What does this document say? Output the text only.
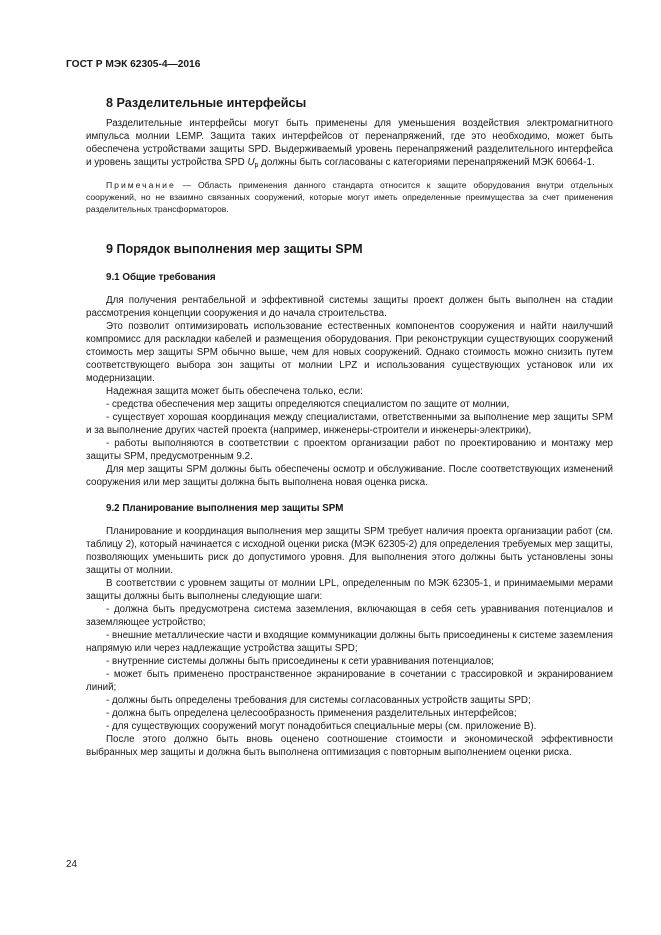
ГОСТ Р МЭК 62305-4—2016
8 Разделительные интерфейсы

Разделительные интерфейсы могут быть применены для уменьшения воздействия электромагнитного импульса молнии LEMP. Защита таких интерфейсов от перенапряжений, где это необходимо, может быть обеспечена устройствами защиты SPD. Выдерживаемый уровень перенапряжений разделительного интерфейса и уровень защиты устройства SPD $U_p$ должны быть согласованы с категориями перенапряжений МЭК 60664-1.

Примечание — Область применения данного стандарта относится к защите оборудования внутри отдельных сооружений, но не взаимно связанных сооружений, которые могут иметь определенные преимущества за счет применения разделительных трансформаторов.

9 Порядок выполнения мер защиты SPM
9.1 Общие требования

Для получения рентабельной и эффективной системы защиты проект должен быть выполнен на стадии рассмотрения концепции сооружения и до начала строительства.

Это позволит оптимизировать использование естественных компонентов сооружения и найти наилучший компромисс для раскладки кабелей и размещения оборудования. При реконструкции существующих сооружений стоимость мер защиты SPM обычно выше, чем для новых сооружений. Однако стоимость можно снизить путем соответствующего выбора зон защиты от молнии LPZ и использования существующих установок или их модернизации.

Надежная защита может быть обеспечена только, если:

- средства обеспечения мер защиты определяются специалистом по защите от молнии,

- существует хорошая координация между специалистами, ответственными за выполнение мер защиты SPM и за выполнение других частей проекта (например, инженеры-строители и инженеры-электрики),

- работы выполняются в соответствии с проектом организации работ по проектированию и монтажу мер защиты SPM, предусмотренным 9.2.

Для мер защиты SPM должны быть обеспечены осмотр и обслуживание. После соответствующих изменений сооружения или мер защиты должна быть выполнена новая оценка риска.

9.2 Планирование выполнения мер защиты SPM

Планирование и координация выполнения мер защиты SPM требует наличия проекта организации работ (см. таблицу 2), который начинается с исходной оценки риска (МЭК 62305-2) для определения требуемых мер защиты, позволяющих уменьшить риск до допустимого уровня. Для выполнения этого должны быть установлены зоны защиты от молнии.

В соответствии с уровнем защиты от молнии LPL, определенным по МЭК 62305-1, и принимаемыми мерами защиты должны быть выполнены следующие шаги:

- должна быть предусмотрена система заземления, включающая в себя сеть уравнивания потенциалов и заземляющее устройство;

- внешние металлические части и входящие коммуникации должны быть присоединены к системе заземления напрямую или через надлежащие устройства защиты SPD;

- внутренние системы должны быть присоединены к сети уравнивания потенциалов;

- может быть применено пространственное экранирование в сочетании с трассировкой и экранированием линий;

- должны быть определены требования для системы согласованных устройств защиты SPD;

- должна быть определена целесообразность применения разделительных интерфейсов;

- для существующих сооружений могут понадобиться специальные меры (см. приложение В).

После этого должно быть вновь оценено соотношение стоимости и экономической эффективности выбранных мер защиты и должна быть выполнена оптимизация с повторным выполнением оценки риска.

24
